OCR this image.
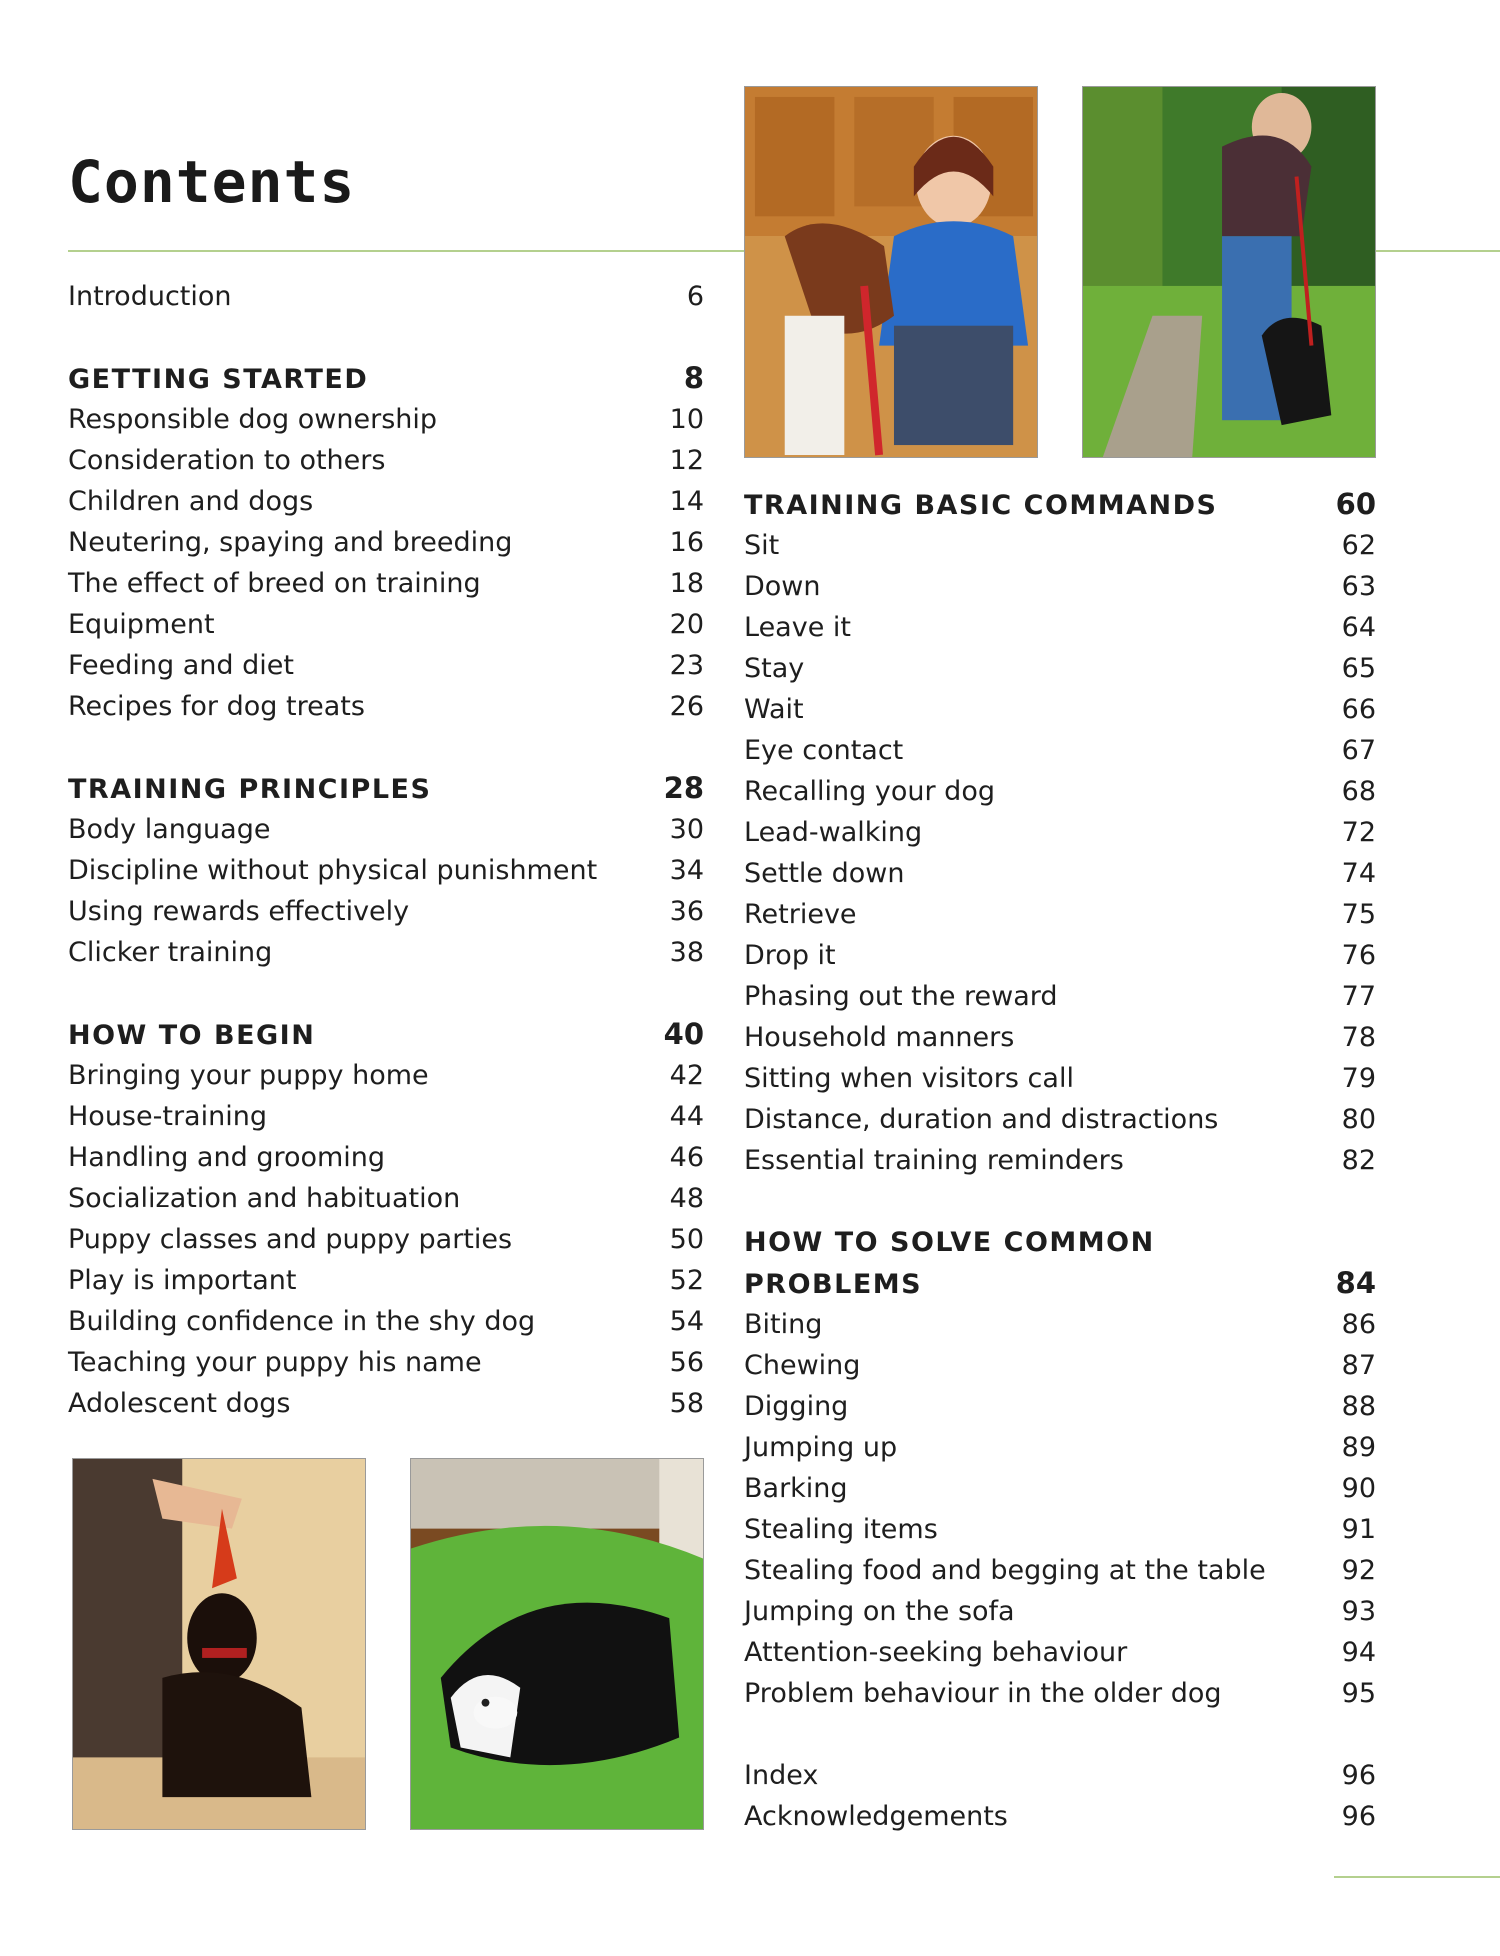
Contents
Introduction	6
GETTING STARTED	8
Responsible dog ownership	10
Consideration to others	12
Children and dogs	14
Neutering, spaying and breeding	16
The effect of breed on training	18
Equipment	20
Feeding and diet	23
Recipes for dog treats	26
TRAINING PRINCIPLES	28
Body language	30
Discipline without physical punishment	34
Using rewards effectively	36
Clicker training	38
HOW TO BEGIN	40
Bringing your puppy home	42
House-training	44
Handling and grooming	46
Socialization and habituation	48
Puppy classes and puppy parties	50
Play is important	52
Building confidence in the shy dog	54
Teaching your puppy his name	56
Adolescent dogs	58
TRAINING BASIC COMMANDS	60
Sit	62
Down	63
Leave it	64
Stay	65
Wait	66
Eye contact	67
Recalling your dog	68
Lead-walking	72
Settle down	74
Retrieve	75
Drop it	76
Phasing out the reward	77
Household manners	78
Sitting when visitors call	79
Distance, duration and distractions	80
Essential training reminders	82
HOW TO SOLVE COMMON
PROBLEMS	84
Biting	86
Chewing	87
Digging	88
Jumping up	89
Barking	90
Stealing items	91
Stealing food and begging at the table	92
Jumping on the sofa	93
Attention-seeking behaviour	94
Problem behaviour in the older dog	95
Index	96
Acknowledgements	96
